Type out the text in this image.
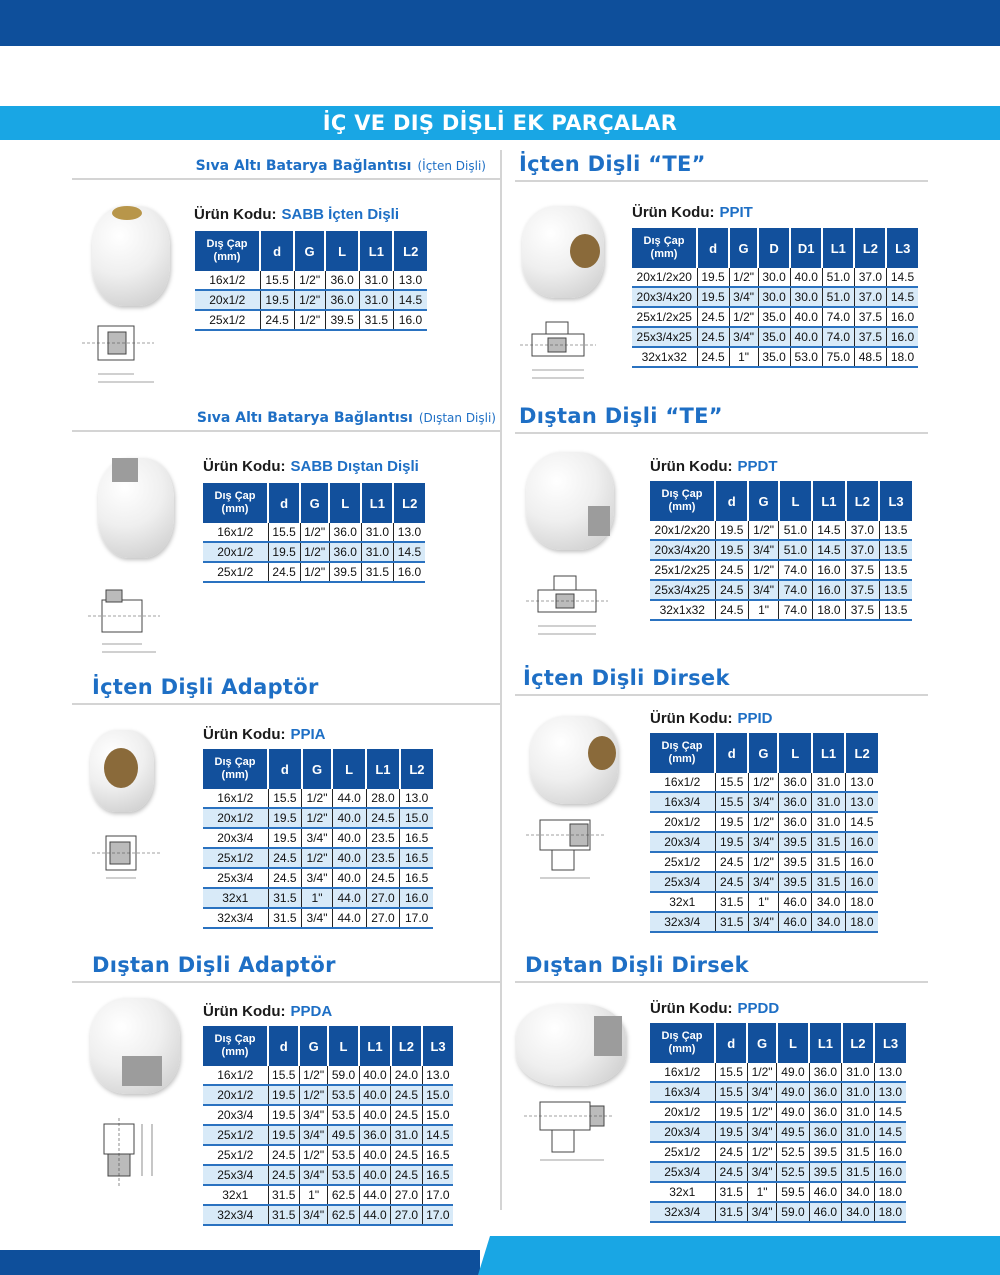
İÇ VE DIŞ DİŞLİ EK PARÇALAR
Sıva Altı Batarya Bağlantısı (İçten Dişli)
Ürün Kodu: SABB İçten Dişli
Dış Çap (mm)	d	G	L	L1	L2
16x1/2	15.5	1/2"	36.0	31.0	13.0
20x1/2	19.5	1/2"	36.0	31.0	14.5
25x1/2	24.5	1/2"	39.5	31.5	16.0
İçten Dişli “TE”
Ürün Kodu: PPIT
Dış Çap (mm)	d	G	D	D1	L1	L2	L3
20x1/2x20	19.5	1/2"	30.0	40.0	51.0	37.0	14.5
20x3/4x20	19.5	3/4"	30.0	30.0	51.0	37.0	14.5
25x1/2x25	24.5	1/2"	35.0	40.0	74.0	37.5	16.0
25x3/4x25	24.5	3/4"	35.0	40.0	74.0	37.5	16.0
32x1x32	24.5	1"	35.0	53.0	75.0	48.5	18.0
Sıva Altı Batarya Bağlantısı (Dıştan Dişli)
Ürün Kodu: SABB Dıştan Dişli
Dış Çap (mm)	d	G	L	L1	L2
16x1/2	15.5	1/2"	36.0	31.0	13.0
20x1/2	19.5	1/2"	36.0	31.0	14.5
25x1/2	24.5	1/2"	39.5	31.5	16.0
Dıştan Dişli “TE”
Ürün Kodu: PPDT
Dış Çap (mm)	d	G	L	L1	L2	L3
20x1/2x20	19.5	1/2"	51.0	14.5	37.0	13.5
20x3/4x20	19.5	3/4"	51.0	14.5	37.0	13.5
25x1/2x25	24.5	1/2"	74.0	16.0	37.5	13.5
25x3/4x25	24.5	3/4"	74.0	16.0	37.5	13.5
32x1x32	24.5	1"	74.0	18.0	37.5	13.5
İçten Dişli Adaptör
Ürün Kodu: PPIA
Dış Çap (mm)	d	G	L	L1	L2
16x1/2	15.5	1/2"	44.0	28.0	13.0
20x1/2	19.5	1/2"	40.0	24.5	15.0
20x3/4	19.5	3/4"	40.0	23.5	16.5
25x1/2	24.5	1/2"	40.0	23.5	16.5
25x3/4	24.5	3/4"	40.0	24.5	16.5
32x1	31.5	1"	44.0	27.0	16.0
32x3/4	31.5	3/4"	44.0	27.0	17.0
İçten Dişli Dirsek
Ürün Kodu: PPID
Dış Çap (mm)	d	G	L	L1	L2
16x1/2	15.5	1/2"	36.0	31.0	13.0
16x3/4	15.5	3/4"	36.0	31.0	13.0
20x1/2	19.5	1/2"	36.0	31.0	14.5
20x3/4	19.5	3/4"	39.5	31.5	16.0
25x1/2	24.5	1/2"	39.5	31.5	16.0
25x3/4	24.5	3/4"	39.5	31.5	16.0
32x1	31.5	1"	46.0	34.0	18.0
32x3/4	31.5	3/4"	46.0	34.0	18.0
Dıştan Dişli Adaptör
Ürün Kodu: PPDA
Dış Çap (mm)	d	G	L	L1	L2	L3
16x1/2	15.5	1/2"	59.0	40.0	24.0	13.0
20x1/2	19.5	1/2"	53.5	40.0	24.5	15.0
20x3/4	19.5	3/4"	53.5	40.0	24.5	15.0
25x1/2	19.5	3/4"	49.5	36.0	31.0	14.5
25x1/2	24.5	1/2"	53.5	40.0	24.5	16.5
25x3/4	24.5	3/4"	53.5	40.0	24.5	16.5
32x1	31.5	1"	62.5	44.0	27.0	17.0
32x3/4	31.5	3/4"	62.5	44.0	27.0	17.0
Dıştan Dişli Dirsek
Ürün Kodu: PPDD
Dış Çap (mm)	d	G	L	L1	L2	L3
16x1/2	15.5	1/2"	49.0	36.0	31.0	13.0
16x3/4	15.5	3/4"	49.0	36.0	31.0	13.0
20x1/2	19.5	1/2"	49.0	36.0	31.0	14.5
20x3/4	19.5	3/4"	49.5	36.0	31.0	14.5
25x1/2	24.5	1/2"	52.5	39.5	31.5	16.0
25x3/4	24.5	3/4"	52.5	39.5	31.5	16.0
32x1	31.5	1"	59.5	46.0	34.0	18.0
32x3/4	31.5	3/4"	59.0	46.0	34.0	18.0
